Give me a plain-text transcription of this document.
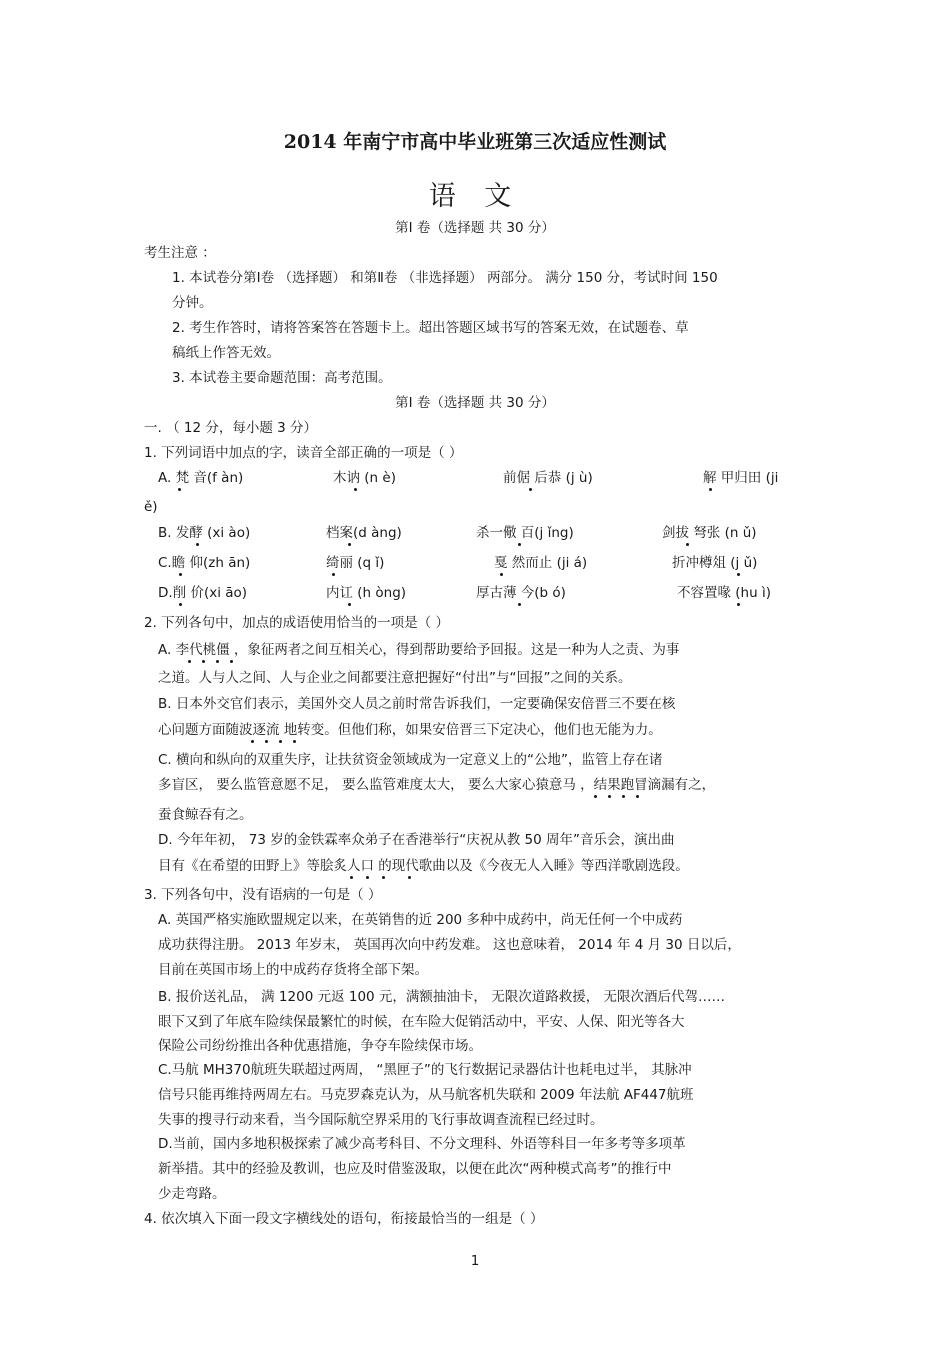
2014 年南宁市高中毕业班第三次适应性测试
语 文
第Ⅰ 卷（选择题 共 30 分）
考生注意 ：
1. 本试卷分第Ⅰ卷 （选择题） 和第Ⅱ卷 （非选择题） 两部分。 满分 150 分，考试时间 150
分钟。
2. 考生作答时，请将答案答在答题卡上。超出答题区域书写的答案无效，在试题卷、草
稿纸上作答无效。
3. 本试卷主要命题范围：高考范围。
第Ⅰ 卷（选择题 共 30 分）
一. （ 12 分，每小题 3 分）
1. 下列词语中加点的字，读音全部正确的一项是（ ）
A. 梵 音(f àn)	木讷 (n è)	前倨 后恭 (j ù)	解 甲归田 (ji
ě)
B. 发酵 (xi ào)	档案(d àng)	杀一儆 百(j ǐng)	剑拔 弩张 (n ǔ)
C.瞻 仰(zh ān)	绮丽 (q ǐ)	戛 然而止 (ji á)	折冲樽俎 (j ǔ)
D.削 价(xi āo)	内讧 (h òng)	厚古薄 今(b ó)	不容置喙 (hu ì)
2. 下列各句中，加点的成语使用恰当的一项是（ ）
A. 李代桃僵 ，象征两者之间互相关心，得到帮助要给予回报。这是一种为人之责、为事
之道。人与人之间、人与企业之间都要注意把握好“付出”与“回报”之间的关系。
B. 日本外交官们表示，美国外交人员之前时常告诉我们，一定要确保安倍晋三不要在核
心问题方面随波逐流 地转变。但他们称，如果安倍晋三下定决心，他们也无能为力。
C. 横向和纵向的双重失序，让扶贫资金领域成为一定意义上的“公地”，监管上存在诸
多盲区， 要么监管意愿不足， 要么监管难度太大， 要么大家心猿意马 ，结果跑冒滴漏有之，
蚕食鲸吞有之。
D. 今年年初， 73 岁的金铁霖率众弟子在香港举行“庆祝从教 50 周年”音乐会，演出曲
目有《在希望的田野上》等脍炙人口 的现代歌曲以及《今夜无人入睡》等西洋歌剧选段。
3. 下列各句中，没有语病的一句是（ ）
A. 英国严格实施欧盟规定以来，在英销售的近 200 多种中成药中，尚无任何一个中成药
成功获得注册。 2013 年岁末， 英国再次向中药发难。 这也意味着， 2014 年 4 月 30 日以后，
目前在英国市场上的中成药存货将全部下架。
B. 报价送礼品， 满 1200 元返 100 元，满额抽油卡， 无限次道路救援， 无限次酒后代驾……
眼下又到了年底车险续保最繁忙的时候，在车险大促销活动中，平安、人保、阳光等各大
保险公司纷纷推出各种优惠措施，争夺车险续保市场。
C.马航 MH370航班失联超过两周， “黑匣子”的飞行数据记录器估计也耗电过半， 其脉冲
信号只能再维持两周左右。马克罗森克认为，从马航客机失联和 2009 年法航 AF447航班
失事的搜寻行动来看，当今国际航空界采用的飞行事故调查流程已经过时。
D.当前，国内多地积极探索了减少高考科目、不分文理科、外语等科目一年多考等多项革
新举措。其中的经验及教训，也应及时借鉴汲取，以便在此次“两种模式高考”的推行中
少走弯路。
4. 依次填入下面一段文字横线处的语句，衔接最恰当的一组是（ ）
1
